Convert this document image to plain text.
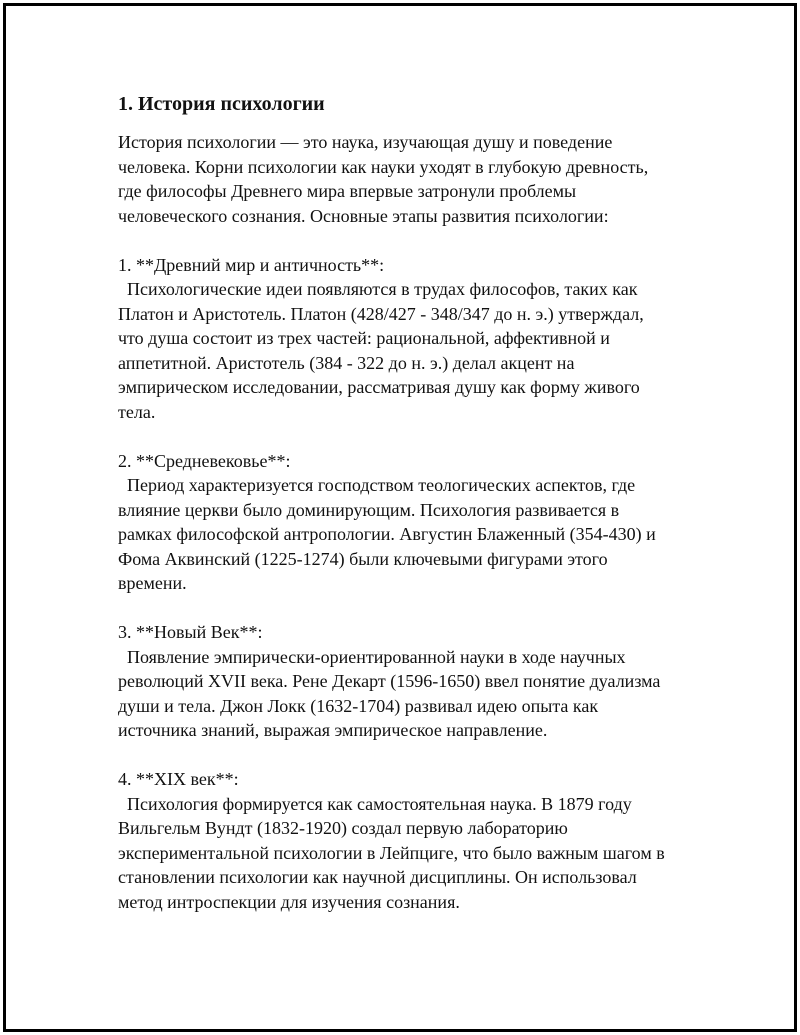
1. История психологии
История психологии — это наука, изучающая душу и поведение
человека. Корни психологии как науки уходят в глубокую древность,
где философы Древнего мира впервые затронули проблемы
человеческого сознания. Основные этапы развития психологии:
1. **Древний мир и античность**:
Психологические идеи появляются в трудах философов, таких как
Платон и Аристотель. Платон (428/427 - 348/347 до н. э.) утверждал,
что душа состоит из трех частей: рациональной, аффективной и
аппетитной. Аристотель (384 - 322 до н. э.) делал акцент на
эмпирическом исследовании, рассматривая душу как форму живого
тела.
2. **Средневековье**:
Период характеризуется господством теологических аспектов, где
влияние церкви было доминирующим. Психология развивается в
рамках философской антропологии. Августин Блаженный (354-430) и
Фома Аквинский (1225-1274) были ключевыми фигурами этого
времени.
3. **Новый Век**:
Появление эмпирически-ориентированной науки в ходе научных
революций XVII века. Рене Декарт (1596-1650) ввел понятие дуализма
души и тела. Джон Локк (1632-1704) развивал идею опыта как
источника знаний, выражая эмпирическое направление.
4. **XIX век**:
Психология формируется как самостоятельная наука. В 1879 году
Вильгельм Вундт (1832-1920) создал первую лабораторию
экспериментальной психологии в Лейпциге, что было важным шагом в
становлении психологии как научной дисциплины. Он использовал
метод интроспекции для изучения сознания.
